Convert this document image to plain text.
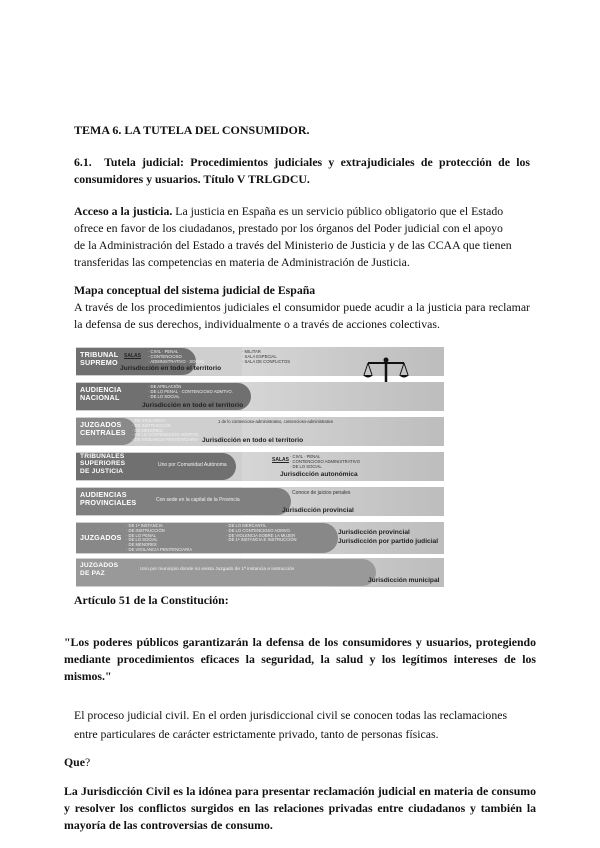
TEMA 6. LA TUTELA DEL CONSUMIDOR.
6.1. Tutela judicial: Procedimientos judiciales y extrajudiciales de protección de los consumidores y usuarios. Título V TRLGDCU.
Acceso a la justicia. La justicia en España es un servicio público obligatorio que el Estado
ofrece en favor de los ciudadanos, prestado por los órganos del Poder judicial con el apoyo
de la Administración del Estado a través del Ministerio de Justicia y de las CCAA que tienen
transferidas las competencias en materia de Administración de Justicia.
Mapa conceptual del sistema judicial de España
A través de los procedimientos judiciales el consumidor puede acudir a la justicia para reclamar la defensa de sus derechos, individualmente o a través de acciones colectivas.
TRIBUNAL SUPREMO
SALAS
· CIVIL · PENAL
· CONTENCIOSO
· ADMINISTRATIVO · SOCIAL
· MILITAR
· SALA ESPECIAL
· SALA DE CONFLICTOS
Jurisdicción en todo el territorio
AUDIENCIA NACIONAL
· DE APELACIÓN
· DE LO PENAL · CONTENCIOSO ADMTVO.
· DE LO SOCIAL
Jurisdicción en todo el territorio
JUZGADOS CENTRALES
· DE VIGILANCIA
· DE INSTRUCCIÓN
· DE MENORES
· DE LO CONTENCIOSO ADMTVO.
· DE VIGILANCIA PENITENCIARIA
1 de lo contencioso-administrativo, contencioso-administrativo
Jurisdicción en todo el territorio
TRIBUNALES SUPERIORES DE JUSTICIA
Uno por Comunidad Autónoma
SALAS
· CIVIL · PENAL
· CONTENCIOSO ADMINISTRATIVO
· DE LO SOCIAL
Jurisdicción autonómica
AUDIENCIAS PROVINCIALES	Con sede en la capital de la Provincia
Conoce de juicios penales
Jurisdicción provincial
JUZGADOS
· DE 1ª INSTANCIA
· DE INSTRUCCIÓN
· DE LO PENAL
· DE LO SOCIAL
· DE MENORES
· DE VIGILANCIA PENITENCIARIA
· DE LO MERCANTIL
· DE LO CONTENCIOSO ADMVO.
· DE VIOLENCIA SOBRE LA MUJER
· DE 1ª INSTANCIA E INSTRUCCIÓN
Jurisdicción provincial
Jurisdicción por partido judicial
JUZGADOS DE PAZ
Uno por municipio donde no exista Juzgado de 1ª instancia e instrucción
Jurisdicción municipal
Artículo 51 de la Constitución:
"Los poderes públicos garantizarán la defensa de los consumidores y usuarios, protegiendo mediante procedimientos eficaces la seguridad, la salud y los legítimos intereses de los mismos."
El proceso judicial civil. En el orden jurisdiccional civil se conocen todas las reclamaciones entre particulares de carácter estrictamente privado, tanto de personas físicas.
Que?
La Jurisdicción Civil es la idónea para presentar reclamación judicial en materia de consumo y resolver los conflictos surgidos en las relaciones privadas entre ciudadanos y también la mayoría de las controversias de consumo.
